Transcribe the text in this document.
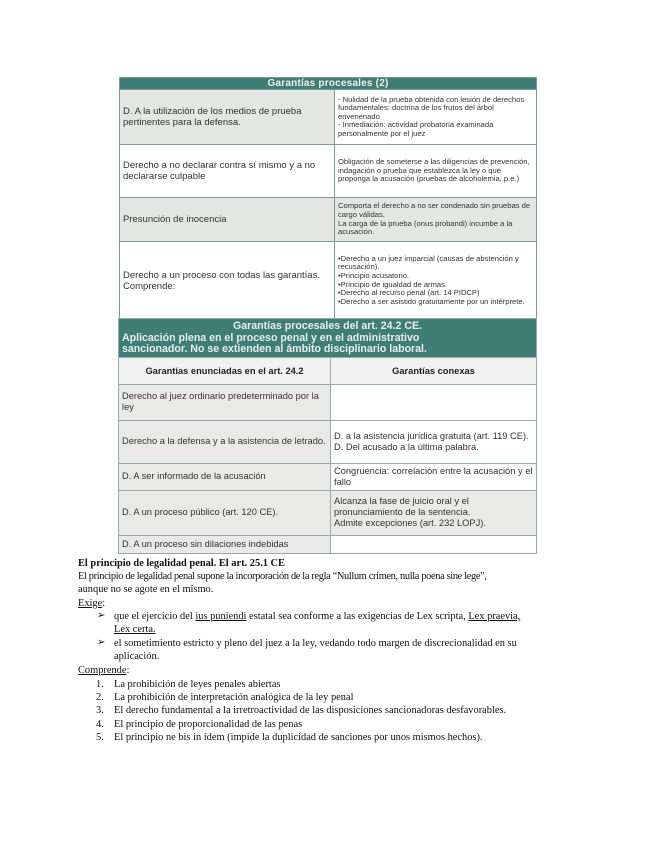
Garantías procesales (2)	
D. A la utilización de los medios de prueba pertinentes para la defensa.	- Nulidad de la prueba obtenida con lesión de derechos fundamentales: doctrina de los frutos del árbol envenenado
- Inmediación: actividad probatoria examinada personalmente por el juez

Derecho a no declarar contra sí mismo y a no declararse culpable	Obligación de someterse a las diligencias de prevención, indagación o prueba que establezca la ley o que proponga la acusación (pruebas de alcoholemia, p.e.)
Presunción de inocencia	Comporta el derecho a no ser condenado sin pruebas de cargo válidas.
La carga de la prueba (onus probandi) incumbe a la acusación.

Derecho a un proceso con todas las garantías. Comprende:	•Derecho a un juez imparcial (causas de abstención y recusación).
•Principio acusatorio.
•Principio de igualdad de armas.
•Derecho al recurso penal (art. 14 PIDCP)
•Derecho a ser asistido gratuitamente por un intérprete.
Garantías procesales del art. 24.2 CE.
Aplicación plena en el proceso penal y en el administrativo
sancionador. No se extienden al ámbito disciplinario laboral.	

Garantías enunciadas en el art. 24.2	Garantías conexas
Derecho al juez ordinario predeterminado por la ley	
Derecho a la defensa y a la asistencia de letrado.	D. a la asistencia jurídica gratuita (art. 119 CE).
D. Del acusado a la última palabra.
D. A ser informado de la acusación	Congruencia: correlación entre la acusación y el fallo
D. A un proceso público (art. 120 CE).	Alcanza la fase de juicio oral y el pronunciamiento de la sentencia.
Admite excepciones (art. 232 LOPJ).
D. A un proceso sin dilaciones indebidas	
El principio de legalidad penal. El art. 25.1 CE
El principio de legalidad penal supone la incorporación de la regla “Nullum crimen, nulla poena sine lege”,
aunque no se agote en el mismo.
Exige:
➢ que el ejercicio del ius puniendi estatal sea conforme a las exigencias de Lex scripta, Lex praevia,
Lex certa.
➢ el sometimiento estricto y pleno del juez a la ley, vedando todo margen de discrecionalidad en su
aplicación.
Comprende:
1. La prohibición de leyes penales abiertas
2. La prohibición de interpretación analógica de la ley penal
3. El derecho fundamental a la irretroactividad de las disposiciones sancionadoras desfavorables.
4. El principio de proporcionalidad de las penas
5. El principio ne bis in ídem (impide la duplicidad de sanciones por unos mismos hechos).
